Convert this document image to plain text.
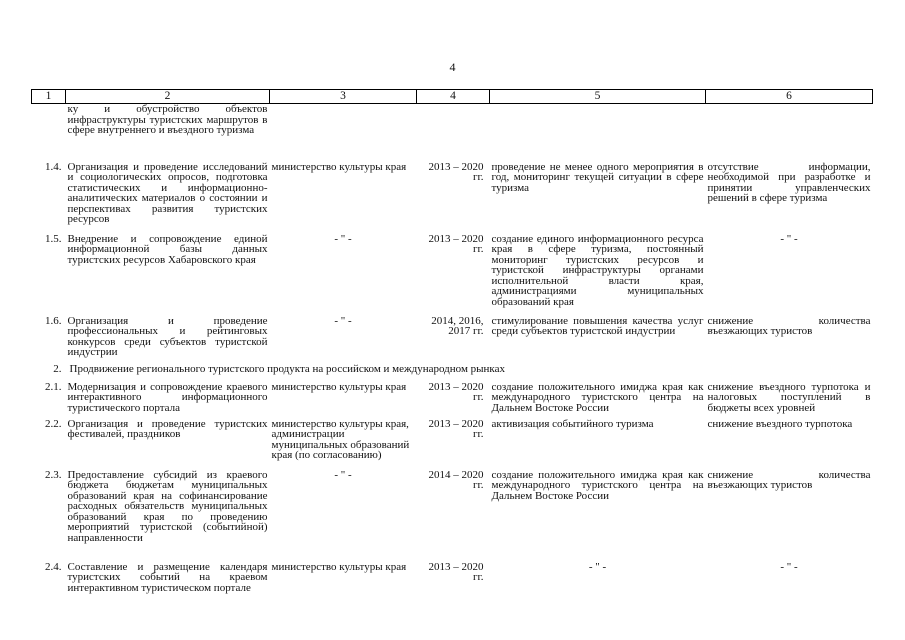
4
1	2	3	4	5	6
	ку и обустройство объектов инфраструктуры туристских маршрутов в сфере внутреннего и въездного туризма				
1.4.	Организация и проведение исследований и социологических опросов, подготовка статистических и информационно-аналитических материалов о состоянии и перспективах развития туристских ресурсов	министерство культуры края	2013 – 2020 гг.	проведение не менее одного мероприятия в год, мониторинг текущей ситуации в сфере туризма	отсутствие информации, необходимой при разработке и принятии управленческих решений в сфере туризма
1.5.	Внедрение и сопровождение единой информационной базы данных туристских ресурсов Хабаровского края	- " -	2013 – 2020 гг.	создание единого информационного ресурса края в сфере туризма, постоянный мониторинг туристских ресурсов и туристской инфраструктуры органами исполнительной власти края, администрациями муниципальных образований края	- " -
1.6.	Организация и проведение профессиональных и рейтинговых конкурсов среди субъектов туристской индустрии	- " -	2014, 2016, 2017 гг.	стимулирование повышения качества услуг среди субъектов туристской индустрии	снижение количества въезжающих туристов
2.	Продвижение регионального туристского продукта на российском и международном рынках				
2.1.	Модернизация и сопровождение краевого интерактивного информационного туристического портала	министерство культуры края	2013 – 2020 гг.	создание положительного имиджа края как международного туристского центра на Дальнем Востоке России	снижение въездного турпотока и налоговых поступлений в бюджеты всех уровней
2.2.	Организация и проведение туристских фестивалей, праздников	министерство культуры края, администрации муниципальных образований края (по согласованию)	2013 – 2020 гг.	активизация событийного туризма	снижение въездного турпотока
2.3.	Предоставление субсидий из краевого бюджета бюджетам муниципальных образований края на софинансирование расходных обязательств муниципальных образований края по проведению мероприятий туристской (событийной) направленности	- " -	2014 – 2020 гг.	создание положительного имиджа края как международного туристского центра на Дальнем Востоке России	снижение количества въезжающих туристов
2.4.	Составление и размещение календаря туристских событий на краевом интерактивном туристическом портале	министерство культуры края	2013 – 2020 гг.	- " -	- " -
